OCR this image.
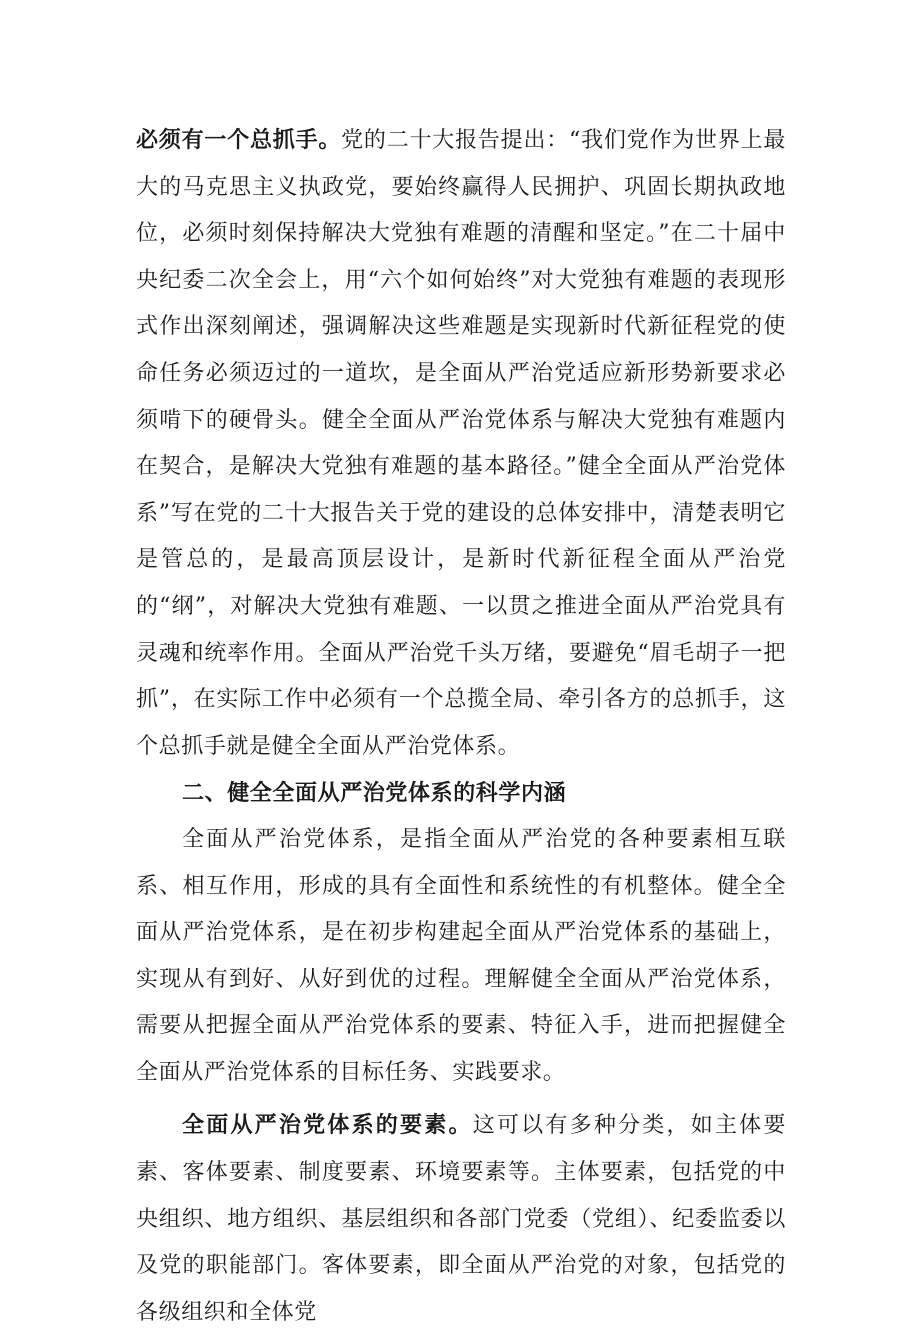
必须有一个总抓手。党的二十大报告提出：“我们党作为世界上最大的马克思主义执政党，要始终赢得人民拥护、巩固长期执政地位，必须时刻保持解决大党独有难题的清醒和坚定。”在二十届中央纪委二次全会上，用“六个如何始终”对大党独有难题的表现形式作出深刻阐述，强调解决这些难题是实现新时代新征程党的使命任务必须迈过的一道坎，是全面从严治党适应新形势新要求必须啃下的硬骨头。健全全面从严治党体系与解决大党独有难题内在契合，是解决大党独有难题的基本路径。”健全全面从严治党体系”写在党的二十大报告关于党的建设的总体安排中，清楚表明它是管总的，是最高顶层设计，是新时代新征程全面从严治党的“纲”，对解决大党独有难题、一以贯之推进全面从严治党具有灵魂和统率作用。全面从严治党千头万绪，要避免“眉毛胡子一把抓”，在实际工作中必须有一个总揽全局、牵引各方的总抓手，这个总抓手就是健全全面从严治党体系。

二、健全全面从严治党体系的科学内涵

全面从严治党体系，是指全面从严治党的各种要素相互联系、相互作用，形成的具有全面性和系统性的有机整体。健全全面从严治党体系，是在初步构建起全面从严治党体系的基础上，实现从有到好、从好到优的过程。理解健全全面从严治党体系，需要从把握全面从严治党体系的要素、特征入手，进而把握健全全面从严治党体系的目标任务、实践要求。

全面从严治党体系的要素。这可以有多种分类，如主体要素、客体要素、制度要素、环境要素等。主体要素，包括党的中央组织、地方组织、基层组织和各部门党委（党组）、纪委监委以及党的职能部门。客体要素，即全面从严治党的对象，包括党的各级组织和全体党
